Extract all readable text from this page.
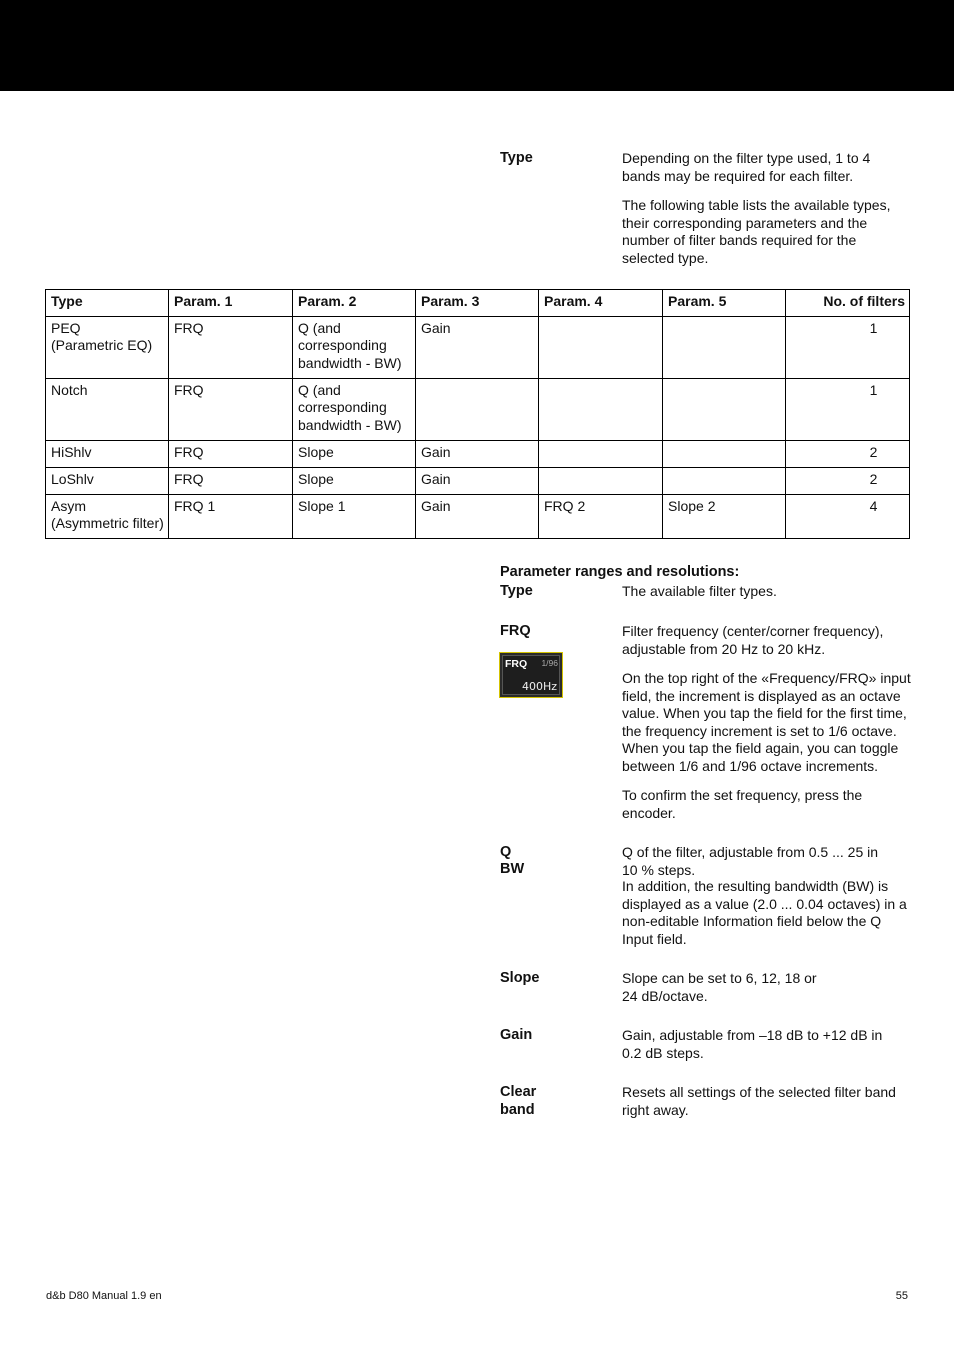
Type	Depending on the filter type used, 1 to 4 bands may be required for each filter.
The following table lists the available types, their corresponding parameters and the number of filter bands required for the selected type.
Type	Param. 1	Param. 2	Param. 3	Param. 4	Param. 5	No. of filters
PEQ
(Parametric EQ)	FRQ	Q (and corresponding bandwidth - BW)	Gain			1
Notch	FRQ	Q (and corresponding bandwidth - BW)				1
HiShlv	FRQ	Slope	Gain			2
LoShlv	FRQ	Slope	Gain			2
Asym
(Asymmetric filter)	FRQ 1	Slope 1	Gain	FRQ 2	Slope 2	4
Parameter ranges and resolutions:
Type	The available filter types.
FRQ	Filter frequency (center/corner frequency), adjustable from 20 Hz to 20 kHz.
FRQ 1/96
400Hz
On the top right of the «Frequency/FRQ» input field, the increment is displayed as an octave value. When you tap the field for the first time, the frequency increment is set to 1/6 octave. When you tap the field again, you can toggle between 1/6 and 1/96 octave increments.
To confirm the set frequency, press the encoder.
Q
BW
Q of the filter, adjustable from 0.5 ... 25 in 10 % steps.
In addition, the resulting bandwidth (BW) is displayed as a value (2.0 ... 0.04 octaves) in a non-editable Information field below the Q Input field.
Slope	Slope can be set to 6, 12, 18 or 24 dB/octave.
Gain	Gain, adjustable from –18 dB to +12 dB in 0.2 dB steps.
Clear
band
Resets all settings of the selected filter band right away.
d&b D80 Manual 1.9 en	55
